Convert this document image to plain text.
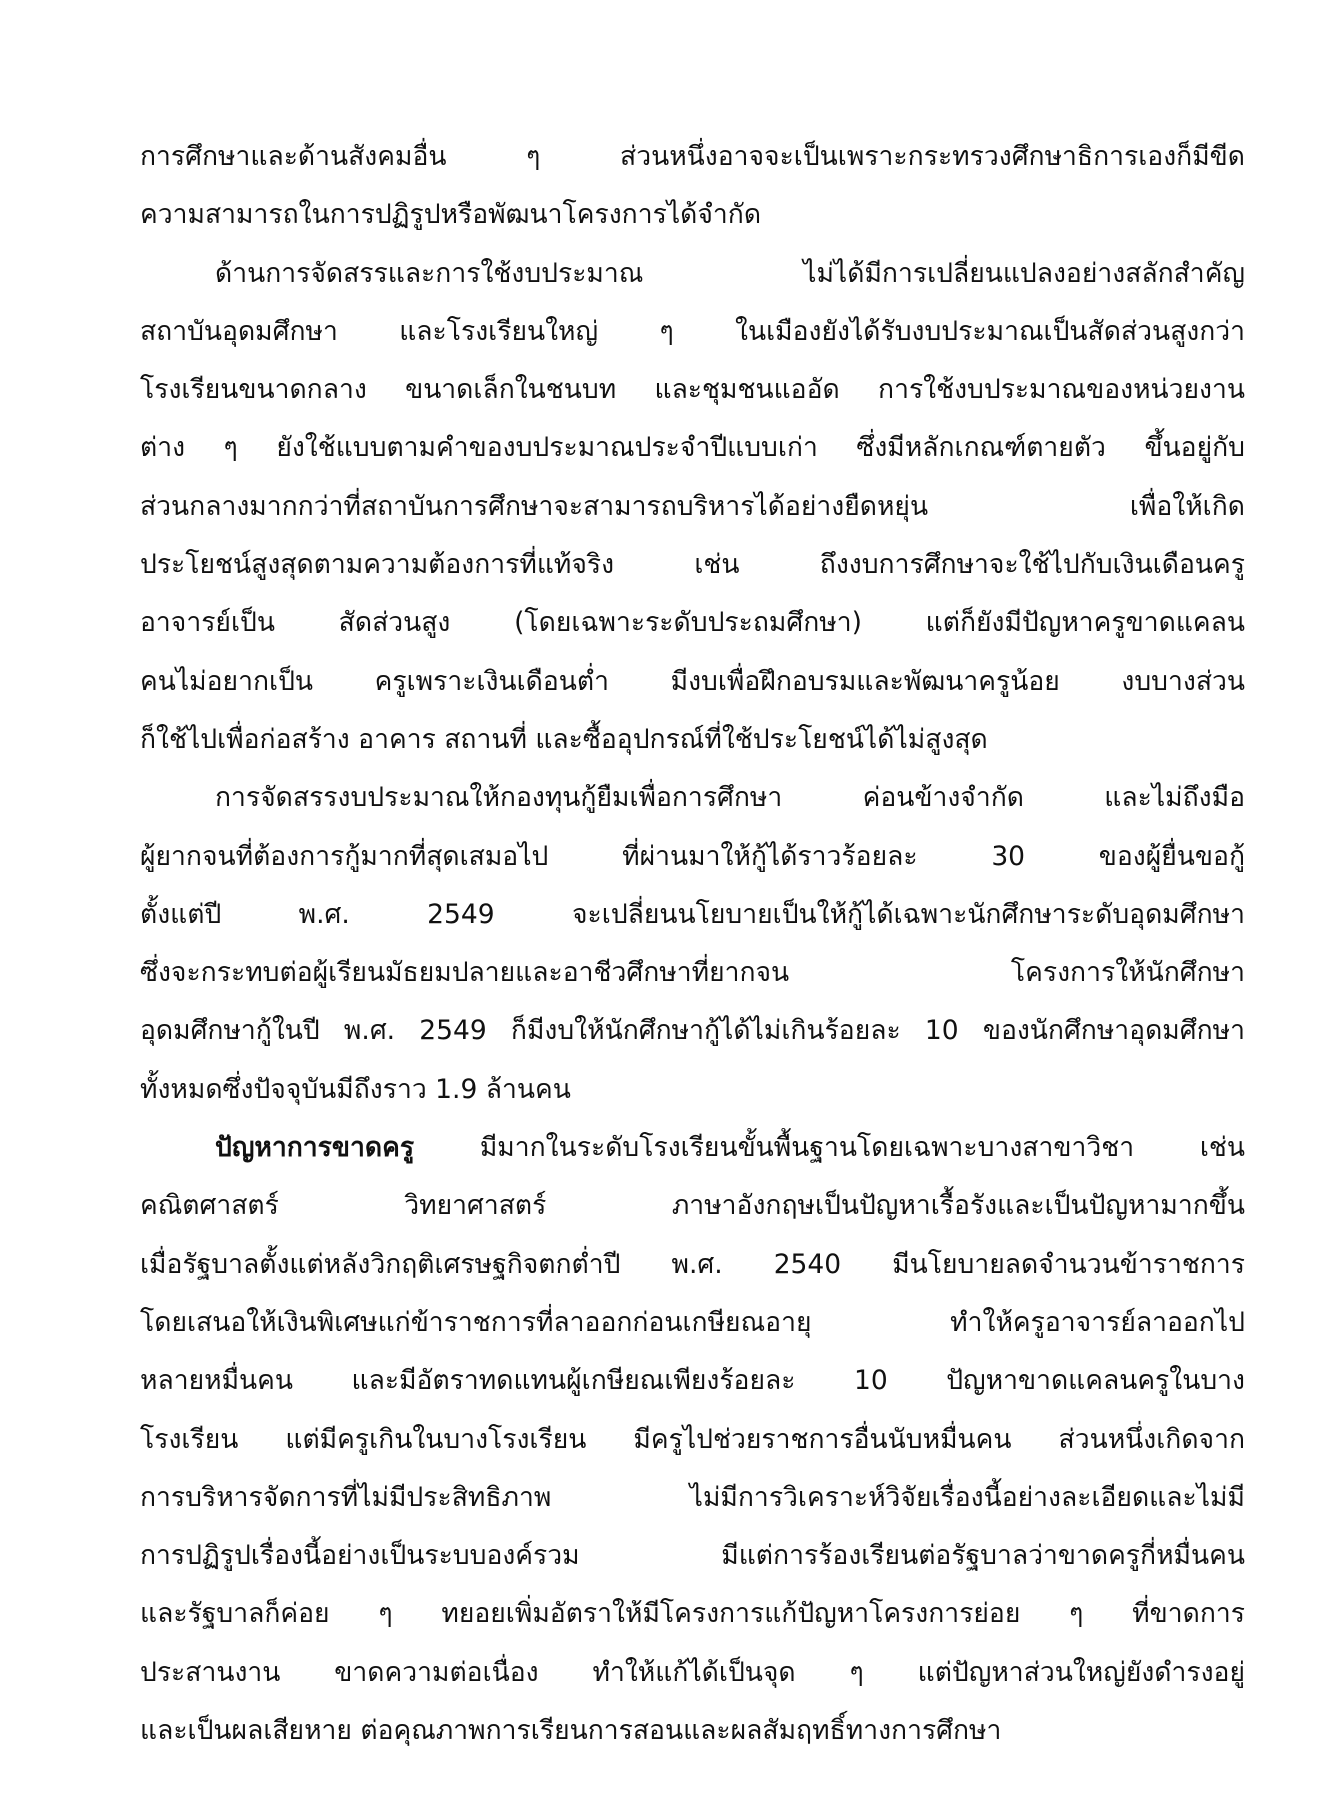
การศึกษาและด้านสังคมอื่น ๆ ส่วนหนึ่งอาจจะเป็นเพราะกระทรวงศึกษาธิการเองก็มีขีด
ความสามารถในการปฏิรูปหรือพัฒนาโครงการได้จำกัด
ด้านการจัดสรรและการใช้งบประมาณ ไม่ได้มีการเปลี่ยนแปลงอย่างสลักสำคัญ
สถาบันอุดมศึกษา และโรงเรียนใหญ่ ๆ ในเมืองยังได้รับงบประมาณเป็นสัดส่วนสูงกว่า
โรงเรียนขนาดกลาง ขนาดเล็กในชนบท และชุมชนแออัด การใช้งบประมาณของหน่วยงาน
ต่าง ๆ ยังใช้แบบตามคำของบประมาณประจำปีแบบเก่า ซึ่งมีหลักเกณฑ์ตายตัว ขึ้นอยู่กับ
ส่วนกลางมากกว่าที่สถาบันการศึกษาจะสามารถบริหารได้อย่างยืดหยุ่น เพื่อให้เกิด
ประโยชน์สูงสุดตามความต้องการที่แท้จริง เช่น ถึงงบการศึกษาจะใช้ไปกับเงินเดือนครู
อาจารย์เป็น สัดส่วนสูง (โดยเฉพาะระดับประถมศึกษา) แต่ก็ยังมีปัญหาครูขาดแคลน
คนไม่อยากเป็น ครูเพราะเงินเดือนต่ำ มีงบเพื่อฝึกอบรมและพัฒนาครูน้อย งบบางส่วน
ก็ใช้ไปเพื่อก่อสร้าง อาคาร สถานที่ และซื้ออุปกรณ์ที่ใช้ประโยชน์ได้ไม่สูงสุด
การจัดสรรงบประมาณให้กองทุนกู้ยืมเพื่อการศึกษา ค่อนข้างจำกัด และไม่ถึงมือ
ผู้ยากจนที่ต้องการกู้มากที่สุดเสมอไป ที่ผ่านมาให้กู้ได้ราวร้อยละ 30 ของผู้ยื่นขอกู้
ตั้งแต่ปี พ.ศ. 2549 จะเปลี่ยนนโยบายเป็นให้กู้ได้เฉพาะนักศึกษาระดับอุดมศึกษา
ซึ่งจะกระทบต่อผู้เรียนมัธยมปลายและอาชีวศึกษาที่ยากจน โครงการให้นักศึกษา
อุดมศึกษากู้ในปี พ.ศ. 2549 ก็มีงบให้นักศึกษากู้ได้ไม่เกินร้อยละ 10 ของนักศึกษาอุดมศึกษา
ทั้งหมดซึ่งปัจจุบันมีถึงราว 1.9 ล้านคน
ปัญหาการขาดครู มีมากในระดับโรงเรียนขั้นพื้นฐานโดยเฉพาะบางสาขาวิชา เช่น
คณิตศาสตร์ วิทยาศาสตร์ ภาษาอังกฤษเป็นปัญหาเรื้อรังและเป็นปัญหามากขึ้น
เมื่อรัฐบาลตั้งแต่หลังวิกฤติเศรษฐกิจตกต่ำปี พ.ศ. 2540 มีนโยบายลดจำนวนข้าราชการ
โดยเสนอให้เงินพิเศษแก่ข้าราชการที่ลาออกก่อนเกษียณอายุ ทำให้ครูอาจารย์ลาออกไป
หลายหมื่นคน และมีอัตราทดแทนผู้เกษียณเพียงร้อยละ 10 ปัญหาขาดแคลนครูในบาง
โรงเรียน แต่มีครูเกินในบางโรงเรียน มีครูไปช่วยราชการอื่นนับหมื่นคน ส่วนหนึ่งเกิดจาก
การบริหารจัดการที่ไม่มีประสิทธิภาพ ไม่มีการวิเคราะห์วิจัยเรื่องนี้อย่างละเอียดและไม่มี
การปฏิรูปเรื่องนี้อย่างเป็นระบบองค์รวม มีแต่การร้องเรียนต่อรัฐบาลว่าขาดครูกี่หมื่นคน
และรัฐบาลก็ค่อย ๆ ทยอยเพิ่มอัตราให้มีโครงการแก้ปัญหาโครงการย่อย ๆ ที่ขาดการ
ประสานงาน ขาดความต่อเนื่อง ทำให้แก้ได้เป็นจุด ๆ แต่ปัญหาส่วนใหญ่ยังดำรงอยู่
และเป็นผลเสียหาย ต่อคุณภาพการเรียนการสอนและผลสัมฤทธิ์ทางการศึกษา
